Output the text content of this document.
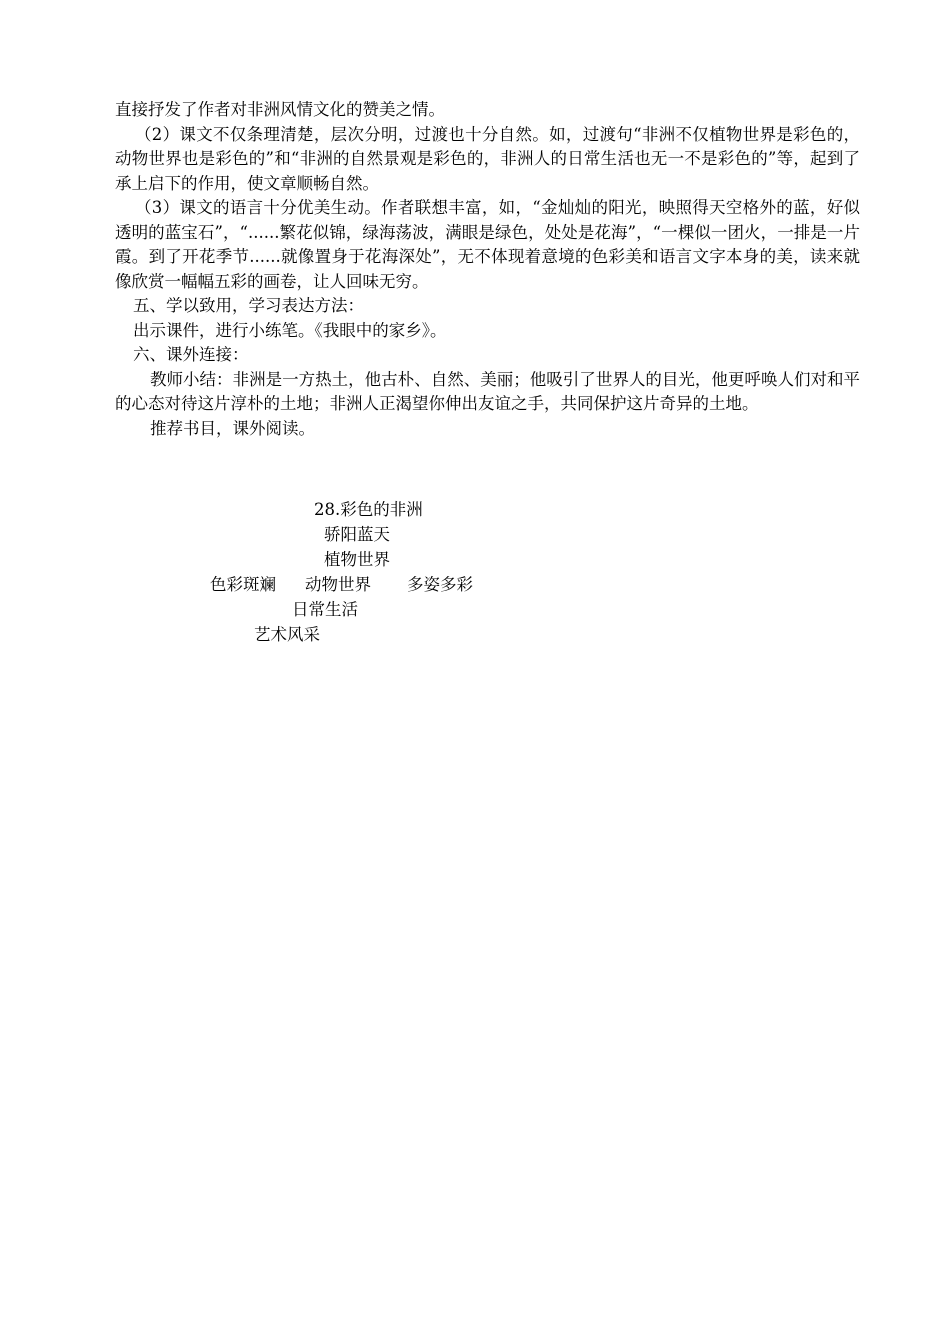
直接抒发了作者对非洲风情文化的赞美之情。

（2）课文不仅条理清楚，层次分明，过渡也十分自然。如，过渡句“非洲不仅植物世界是彩色的，动物世界也是彩色的”和“非洲的自然景观是彩色的，非洲人的日常生活也无一不是彩色的”等，起到了承上启下的作用，使文章顺畅自然。

（3）课文的语言十分优美生动。作者联想丰富，如，“金灿灿的阳光，映照得天空格外的蓝，好似透明的蓝宝石”，“......繁花似锦，绿海荡波，满眼是绿色，处处是花海”，“一棵似一团火，一排是一片霞。到了开花季节......就像置身于花海深处”，无不体现着意境的色彩美和语言文字本身的美，读来就像欣赏一幅幅五彩的画卷，让人回味无穷。

五、学以致用，学习表达方法：

出示课件，进行小练笔。《我眼中的家乡》。

六、课外连接：

教师小结：非洲是一方热土，他古朴、自然、美丽；他吸引了世界人的目光，他更呼唤人们对和平的心态对待这片淳朴的土地；非洲人正渴望你伸出友谊之手，共同保护这片奇异的土地。

推荐书目，课外阅读。

28.彩色的非洲
骄阳蓝天
植物世界
色彩斑斓 动物世界 多姿多彩
日常生活
艺术风采
